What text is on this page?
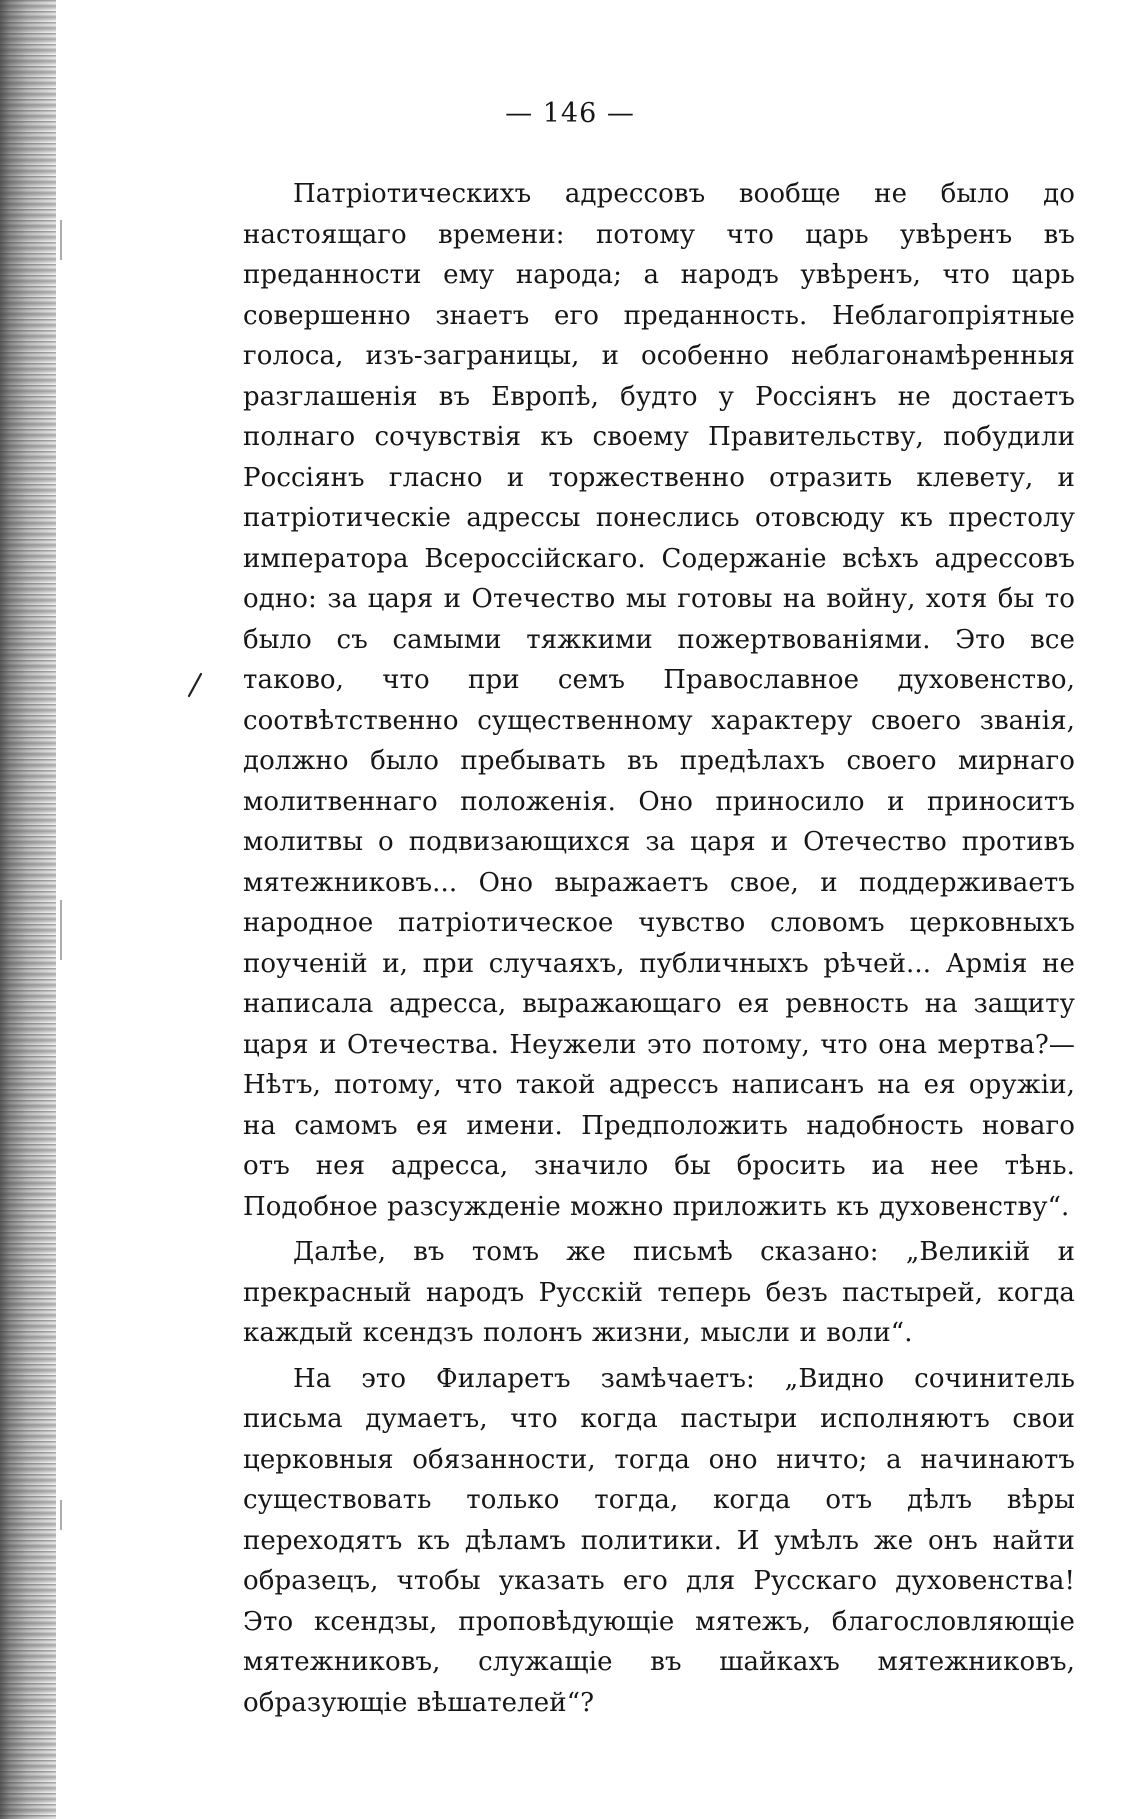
— 146 —

Патріотическихъ адрессовъ вообще не было до настоящаго времени: потому что царь увѣренъ въ преданности ему народа; а народъ увѣренъ, что царь совершенно знаетъ его преданность. Неблагопріятные голоса, изъ-заграницы, и особенно неблагонамѣренныя разглашенія въ Европѣ, будто у Россіянъ не достаетъ полнаго сочувствія къ своему Правительству, побудили Россіянъ гласно и торжественно отразить клевету, и патріотическіе адрессы понеслись отовсюду къ престолу императора Всероссійскаго. Содержаніе всѣхъ адрессовъ одно: за царя и Отечество мы готовы на войну, хотя бы то было съ самыми тяжкими пожертвованіями. Это все таково, что при семъ Православное духовенство, соотвѣтственно существенному характеру своего званія, должно было пребывать въ предѣлахъ своего мирнаго молитвеннаго положенія. Оно приносило и приноситъ молитвы о подвизающихся за царя и Отечество противъ мятежниковъ... Оно выражаетъ свое, и поддерживаетъ народное патріотическое чувство словомъ церковныхъ поученій и, при случаяхъ, публичныхъ рѣчей... Армія не написала адресса, выражающаго ея ревность на защиту царя и Отечества. Неужели это потому, что она мертва?—Нѣтъ, потому, что такой адрессъ написанъ на ея оружіи, на самомъ ея имени. Предположить надобность новаго отъ нея адресса, значило бы бросить иа нее тѣнь. Подобное разсужденіе можно приложить къ духовенству“.

Далѣе, въ томъ же письмѣ сказано: „Великій и прекрасный народъ Русскій теперь безъ пастырей, когда каждый ксендзъ полонъ жизни, мысли и воли“.

На это Филаретъ замѣчаетъ: „Видно сочинитель письма думаетъ, что когда пастыри исполняютъ свои церковныя обязанности, тогда оно ничто; а начинаютъ существовать только тогда, когда отъ дѣлъ вѣры переходятъ къ дѣламъ политики. И умѣлъ же онъ найти образецъ, чтобы указать его для Русскаго духовенства! Это ксендзы, проповѣдующіе мятежъ, благословляющіе мятежниковъ, служащіе въ шайкахъ мятежниковъ, образующіе вѣшателей“?
